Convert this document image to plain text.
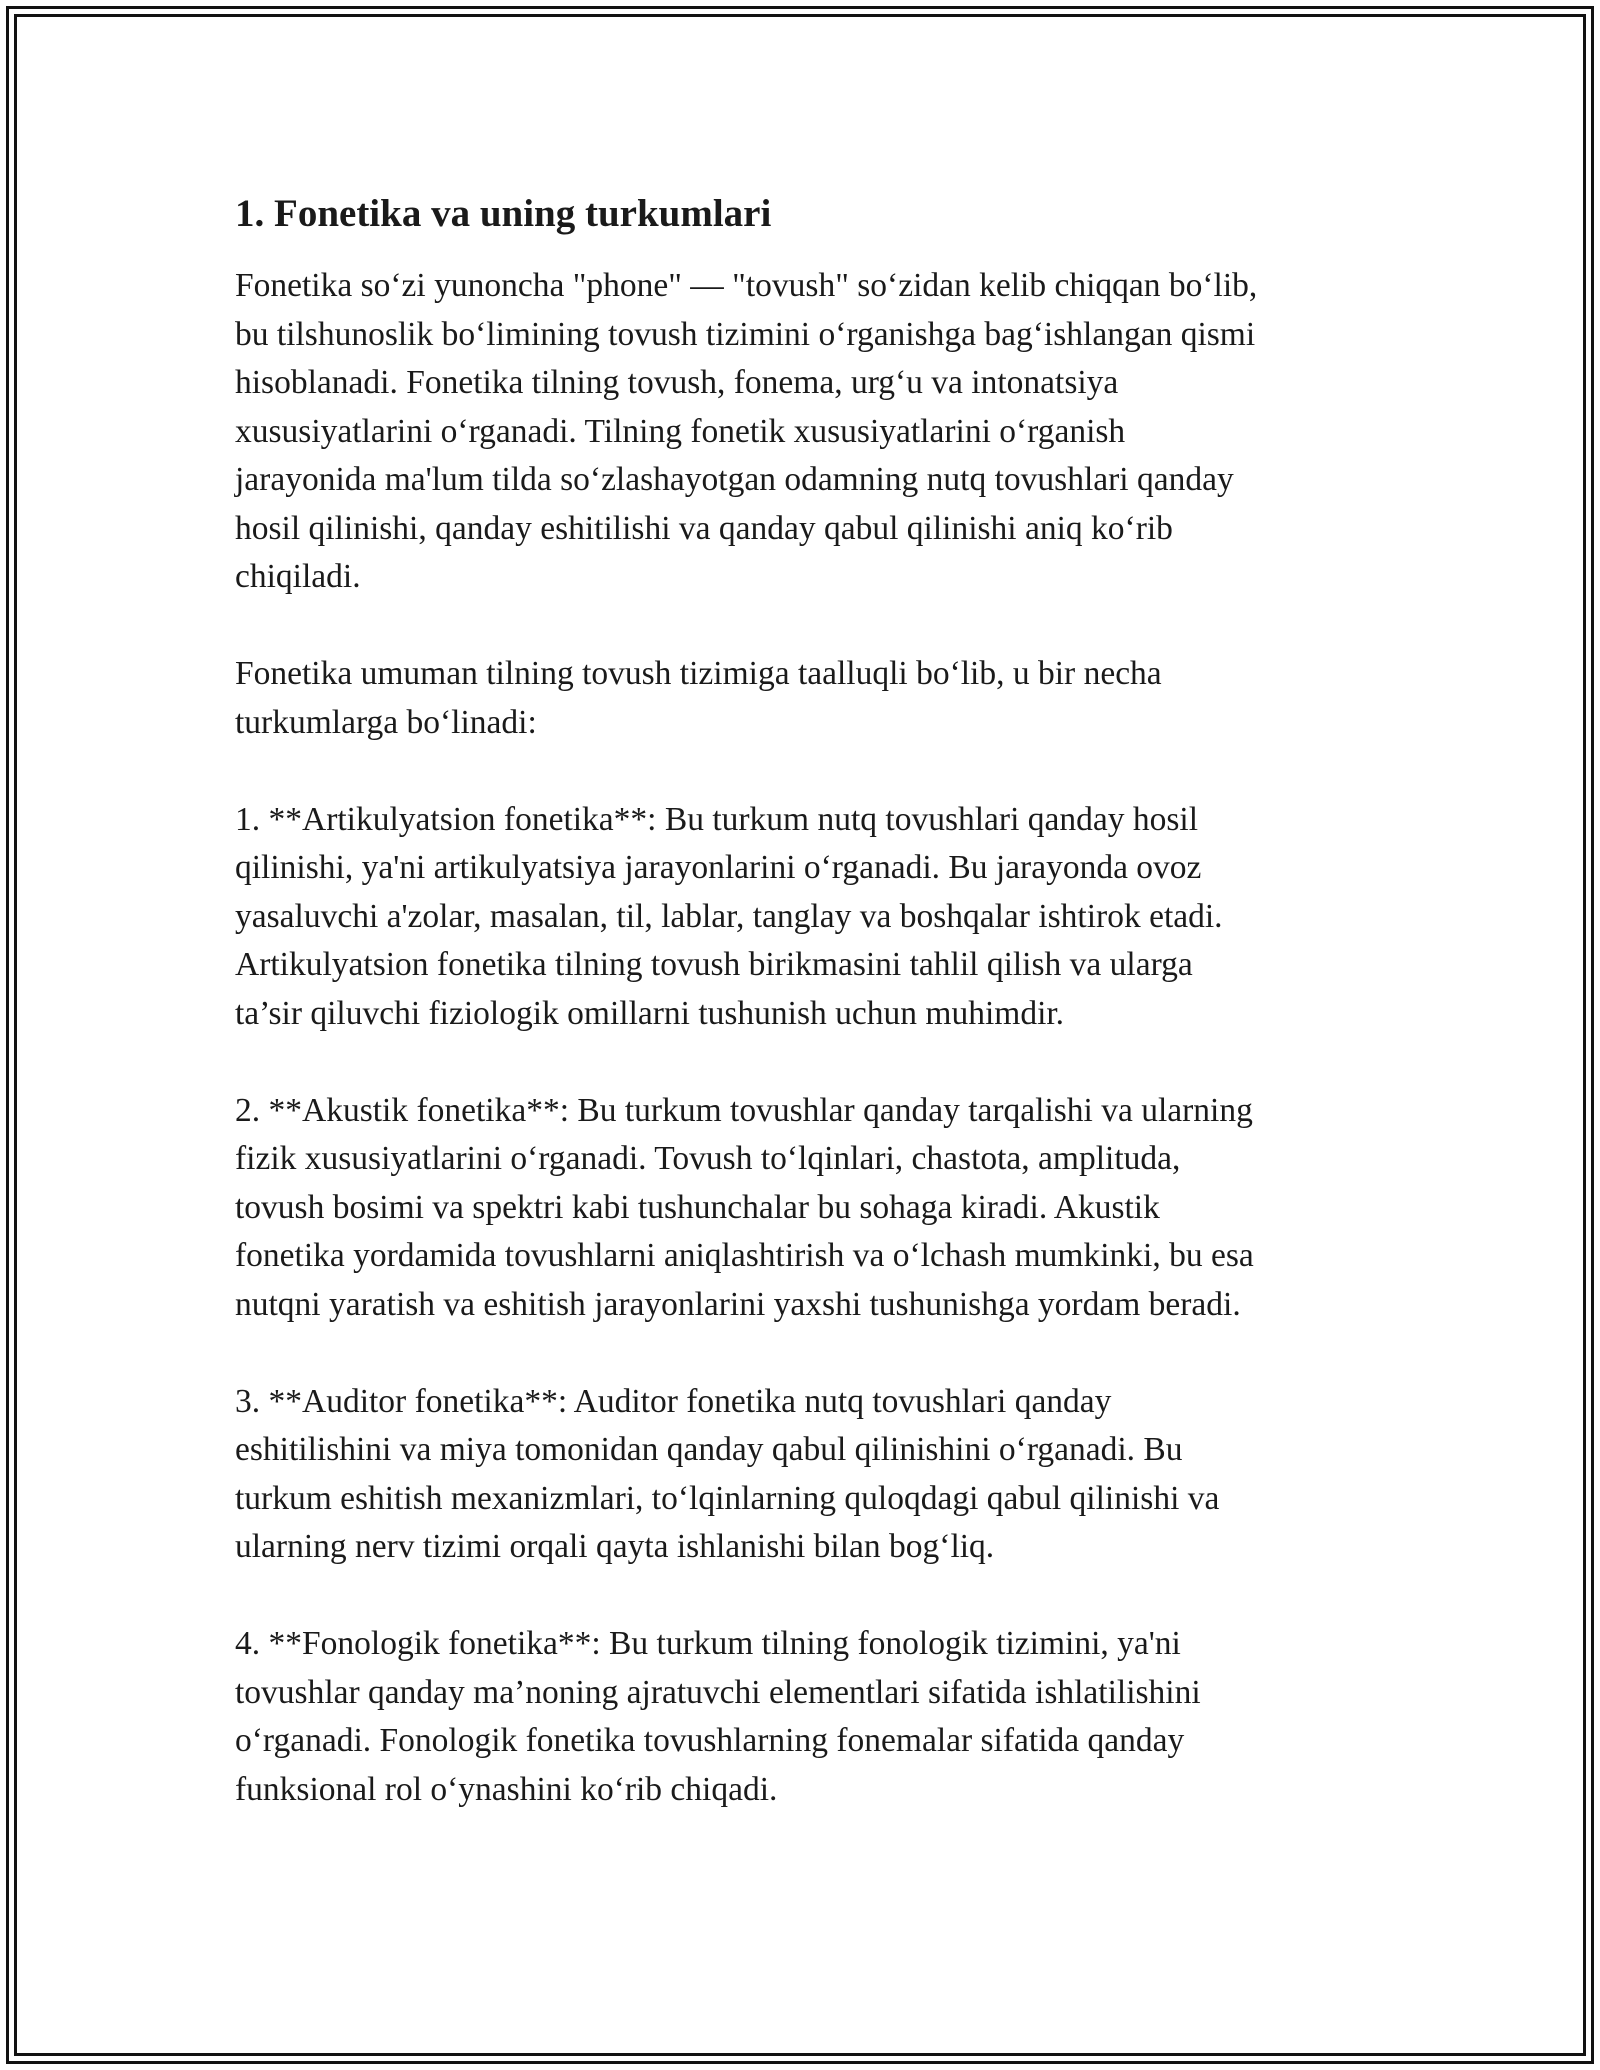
1. Fonetika va uning turkumlari
Fonetika so‘zi yunoncha "phone" — "tovush" so‘zidan kelib chiqqan bo‘lib,
bu tilshunoslik bo‘limining tovush tizimini o‘rganishga bag‘ishlangan qismi
hisoblanadi. Fonetika tilning tovush, fonema, urg‘u va intonatsiya
xususiyatlarini o‘rganadi. Tilning fonetik xususiyatlarini o‘rganish
jarayonida ma'lum tilda so‘zlashayotgan odamning nutq tovushlari qanday
hosil qilinishi, qanday eshitilishi va qanday qabul qilinishi aniq ko‘rib
chiqiladi.
Fonetika umuman tilning tovush tizimiga taalluqli bo‘lib, u bir necha
turkumlarga bo‘linadi:
1. **Artikulyatsion fonetika**: Bu turkum nutq tovushlari qanday hosil
qilinishi, ya'ni artikulyatsiya jarayonlarini o‘rganadi. Bu jarayonda ovoz
yasaluvchi a'zolar, masalan, til, lablar, tanglay va boshqalar ishtirok etadi.
Artikulyatsion fonetika tilning tovush birikmasini tahlil qilish va ularga
ta’sir qiluvchi fiziologik omillarni tushunish uchun muhimdir.
2. **Akustik fonetika**: Bu turkum tovushlar qanday tarqalishi va ularning
fizik xususiyatlarini o‘rganadi. Tovush to‘lqinlari, chastota, amplituda,
tovush bosimi va spektri kabi tushunchalar bu sohaga kiradi. Akustik
fonetika yordamida tovushlarni aniqlashtirish va o‘lchash mumkinki, bu esa
nutqni yaratish va eshitish jarayonlarini yaxshi tushunishga yordam beradi.
3. **Auditor fonetika**: Auditor fonetika nutq tovushlari qanday
eshitilishini va miya tomonidan qanday qabul qilinishini o‘rganadi. Bu
turkum eshitish mexanizmlari, to‘lqinlarning quloqdagi qabul qilinishi va
ularning nerv tizimi orqali qayta ishlanishi bilan bog‘liq.
4. **Fonologik fonetika**: Bu turkum tilning fonologik tizimini, ya'ni
tovushlar qanday ma’noning ajratuvchi elementlari sifatida ishlatilishini
o‘rganadi. Fonologik fonetika tovushlarning fonemalar sifatida qanday
funksional rol o‘ynashini ko‘rib chiqadi.
